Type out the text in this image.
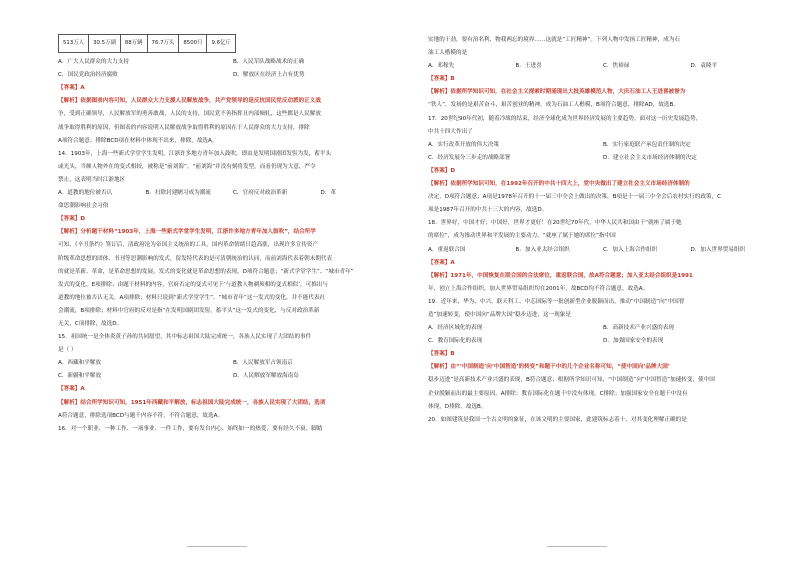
513万人	30.5万副	88万辆	76.7万头	8500只	9.6亿斤
A．广大人民群众的大力支持	B．人民军队战略战术的正确
C．国民党政治经济腐败	D．解放区在经济上占有优势
【答案】A
【解析】依据图表内容可知，人民群众大力支援人民解放战争，共产党领导的是反抗国民党反动派的正义战
争，受到正确领导，人民解放军的勇善敢战，人民的支持，国民党不善指挥且内部倾轧，这些都是人民解放
战争取得胜利的原因，但图表的内容说明人民解放战争取得胜利的原因在于人民群众的大力支持，排除
A项符合题意；排除BCD项在材料中体现不出来，排除，故选A。
14．1903年，上海一些新式学堂学生发明，江浙许多地方青年加入鼓吹，即由是发明国剧团发髻为发，蓄平头
或光头，当颇人物外在的变式相较，被称是“前刘海”。“前刘海”并没有刻将发型，而看仍现为大意，严令
禁止，这表明当时江浙地区
A．道教的地位被否认	B．扫除封建陋习成为潮流	C．官府反对政治革新	D．革
命思潮影响社会习俗
【答案】D
【解析】分析题干材料“1903年，上海一些新式学堂学生发明，江浙许多地方青年加入鼓吹”，结合所学
可知，《辛丑条约》签订后，清政府沦为帝国主义统治的工具，国内革命情绪日趋高涨，出现许多宣传资产
阶级革命思想的团体、书刊等思潮影响的发式，留发特代表的是可清朝统治的认同，而前刘海代表着朝末期代表
的就是革新、革命，是革命思想的发展，发式的变化就是革命思想的表现，D项符合题意；“新式学堂学生”、“城市青年”
发式的变化，E项排除；由题干材料的内容，官府否定的变式可见于‘与道教人物剃须相的变式相似’，可推出与
道教的地位被否认无关，A项排除；材料只说到“新式学堂学生”、“城市青年”这一发式的变化，并不能代表社
会潮流，B项排除；材料中官府的反对是指“在发明国剧团发髻，蓄平头”这一发式的变化，与反对政治革新
无关，C项排除，故选D。
15．祖国统一是全体炎黄子孙的共同愿望，其中标志祖国大陆完成统一，各族人民实现了大团结的事件
是（ ）
A．西藏和平解放	B．人民解放军占领南京
C．新疆和平解放	D．人民解放军解放海南岛
【答案】A
【解析】结合所学知识可知，1951年西藏和平解放，标志祖国大陆完成统一，各族人民实现了大团结，选项
A符合题意，排除选项BCD与题干内容不符，不符合题意，故选A。
16．对一个职业、一种工作、一项事业、一件工作，要有发自内心、始终如一的热爱，要有经久不衰、脚踏
实地的干劲，要有治名利、物我两忘的境界……这就是“工匠精神”。下列人物中发扬工匠精神，成为石
油工人楷模的是
A．邓稼先	B．王进喜	C．焦裕禄	D．袁隆平
【答案】B
【解析】依据所学知识可知，在社会主义探索时期涌现出大批英雄模范人物，大庆石油工人王进喜被誉为
“铁人”，发扬的是艰苦奋斗、艰苦创业的精神，成为石油工人楷模，B项符合题意，排除AD，故选B。
17．20世纪90年代初，随着冷战的结束，经济全球化成为世界经济发展的主要趋势，面对这一历史发展趋势，
中共十四大作出了
A．实行改革开放的伟大决策	B．实行家庭联产承包责任制的决定
C．经济发展分三步走的战略部署	D．建立社会主义市场经济体制的决定
【答案】D
【解析】依据所学知识可知，在1992年召开的中共十四大上，党中央做出了建立社会主义市场经济体制的
决定，D项符合题意；A项是1978年召开的十一届三中全会上做出的决策，B项是十一届三中全会后农村实行的政策，C
项是1987年召开的中共十三大的内容，故选D。
18．世界好，中国才好；中国好，世界才更好！在20世纪70年代，中华人民共和国由于“就座了属于她
的席位”，成为推动世界和平发展的主要动力。“就座了属于她的席位”指中国
A．重返联合国	B．加入亚太经合组织	C．加入上海合作组织	D．加入世界贸易组织
【答案】A
【解析】1971年，中国恢复在联合国的合法席位，重返联合国，故A符合题意；加入亚太经合组织是1991
年，创立上海合作组织、加入世界贸易组织均在2001年，故BCD均不符合题意。故选A。
19．近年来，华为、中兴、联天科工、中芯国际等一批创新型企业脱颖而出，推动“中国制造”向“中国智
造”加速转变，使中国向“品牌大国”稳步迈进，这一现象是
A．经济区域化的表现	B．高新技术产业兴盛的表现
C．教育国际化的表现	D．加强国家安全的表现
【答案】B
【解析】由“‘中国制造’向‘中国智造’的转变”和题干中的几个企业名称可知，“使中国向‘品牌大国’
稳步迈进”是高新技术产业兴盛的表现，B符合题意；根据所学知识可知，“中国制造”向“中国智造”加速转变，使中国
企业脱颖而出的最主要原因，A排除；教育国际化在题干中没有体现，C排除；加强国家安全在题干中没有
体现，D排除。故选B。
20．如图建筑是我国一个古文明的象征，在该文明的主要国家，此建筑标志着十，对其变化理解正确的是
